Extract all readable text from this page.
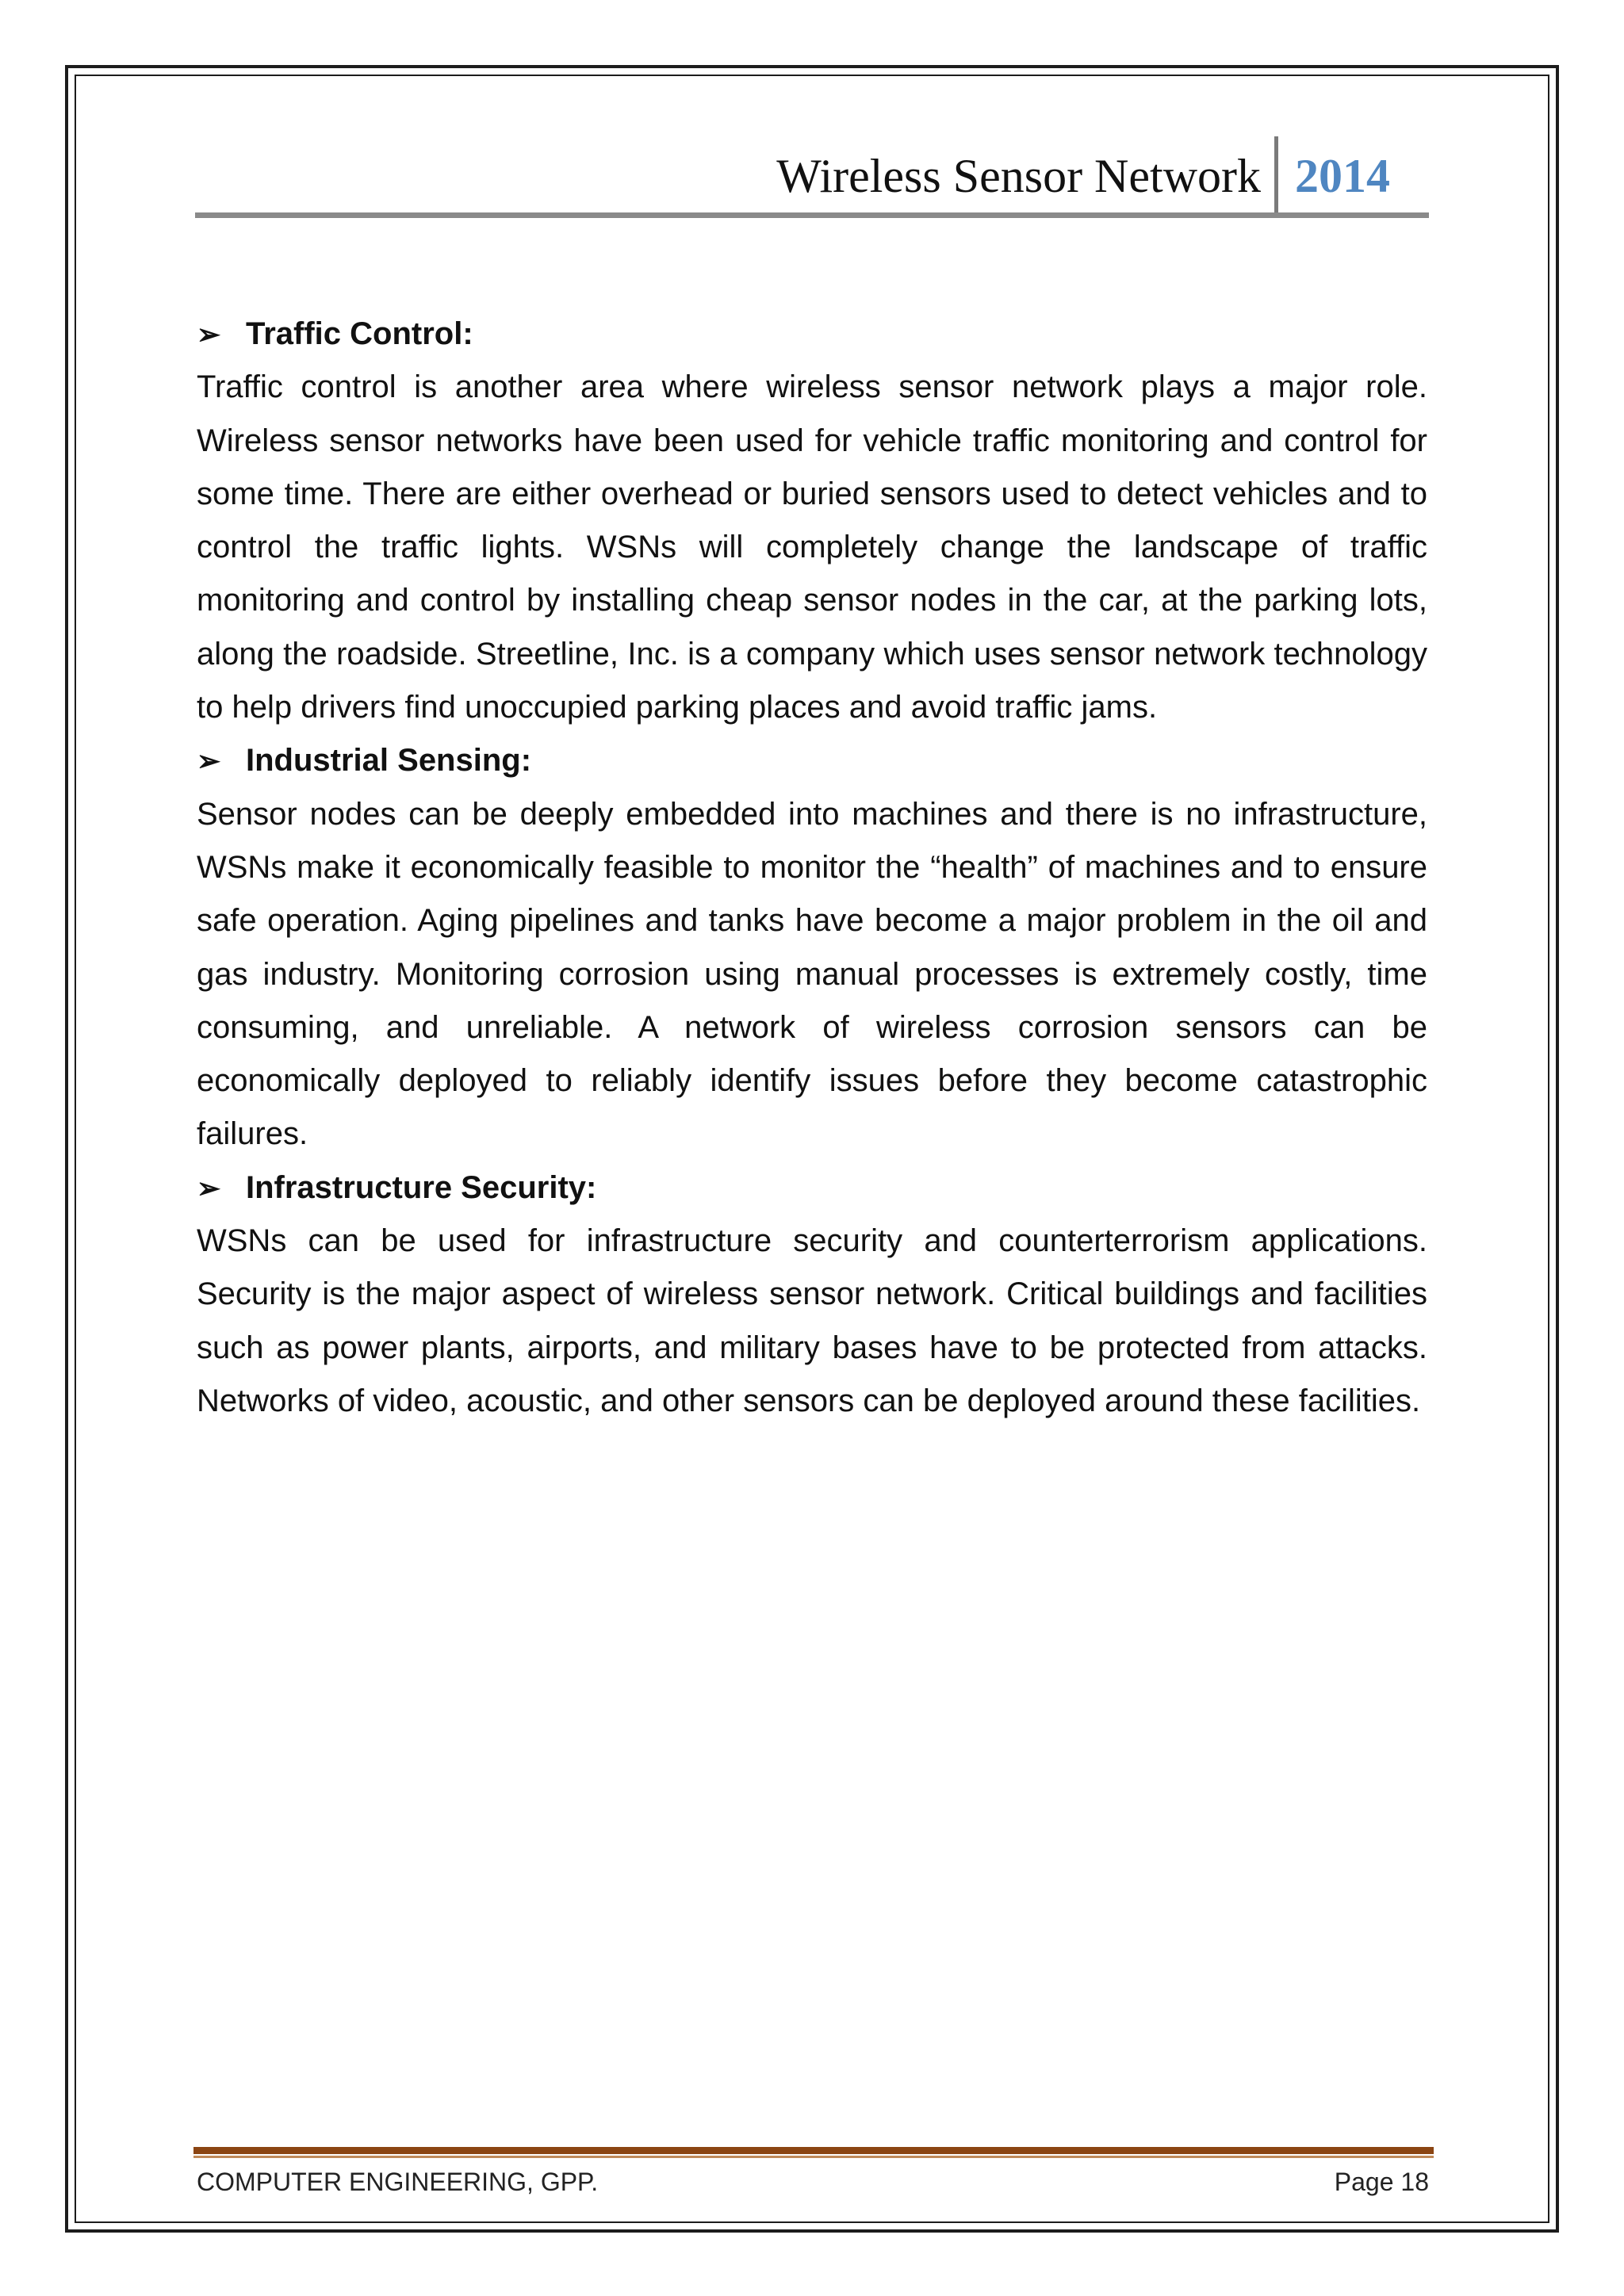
Wireless Sensor Network 2014
➢ Traffic Control:

Traffic control is another area where wireless sensor network plays a major role. Wireless sensor networks have been used for vehicle traffic monitoring and control for some time. There are either overhead or buried sensors used to detect vehicles and to control the traffic lights. WSNs will completely change the landscape of traffic monitoring and control by installing cheap sensor nodes in the car, at the parking lots, along the roadside. Streetline, Inc. is a company which uses sensor network technology to help drivers find unoccupied parking places and avoid traffic jams.

➢ Industrial Sensing:

Sensor nodes can be deeply embedded into machines and there is no infrastructure, WSNs make it economically feasible to monitor the “health” of machines and to ensure safe operation. Aging pipelines and tanks have become a major problem in the oil and gas industry. Monitoring corrosion using manual processes is extremely costly, time consuming, and unreliable. A network of wireless corrosion sensors can be economically deployed to reliably identify issues before they become catastrophic failures.

➢ Infrastructure Security:

WSNs can be used for infrastructure security and counterterrorism applications. Security is the major aspect of wireless sensor network. Critical buildings and facilities such as power plants, airports, and military bases have to be protected from attacks. Networks of video, acoustic, and other sensors can be deployed around these facilities.

COMPUTER ENGINEERING, GPP.	Page 18
